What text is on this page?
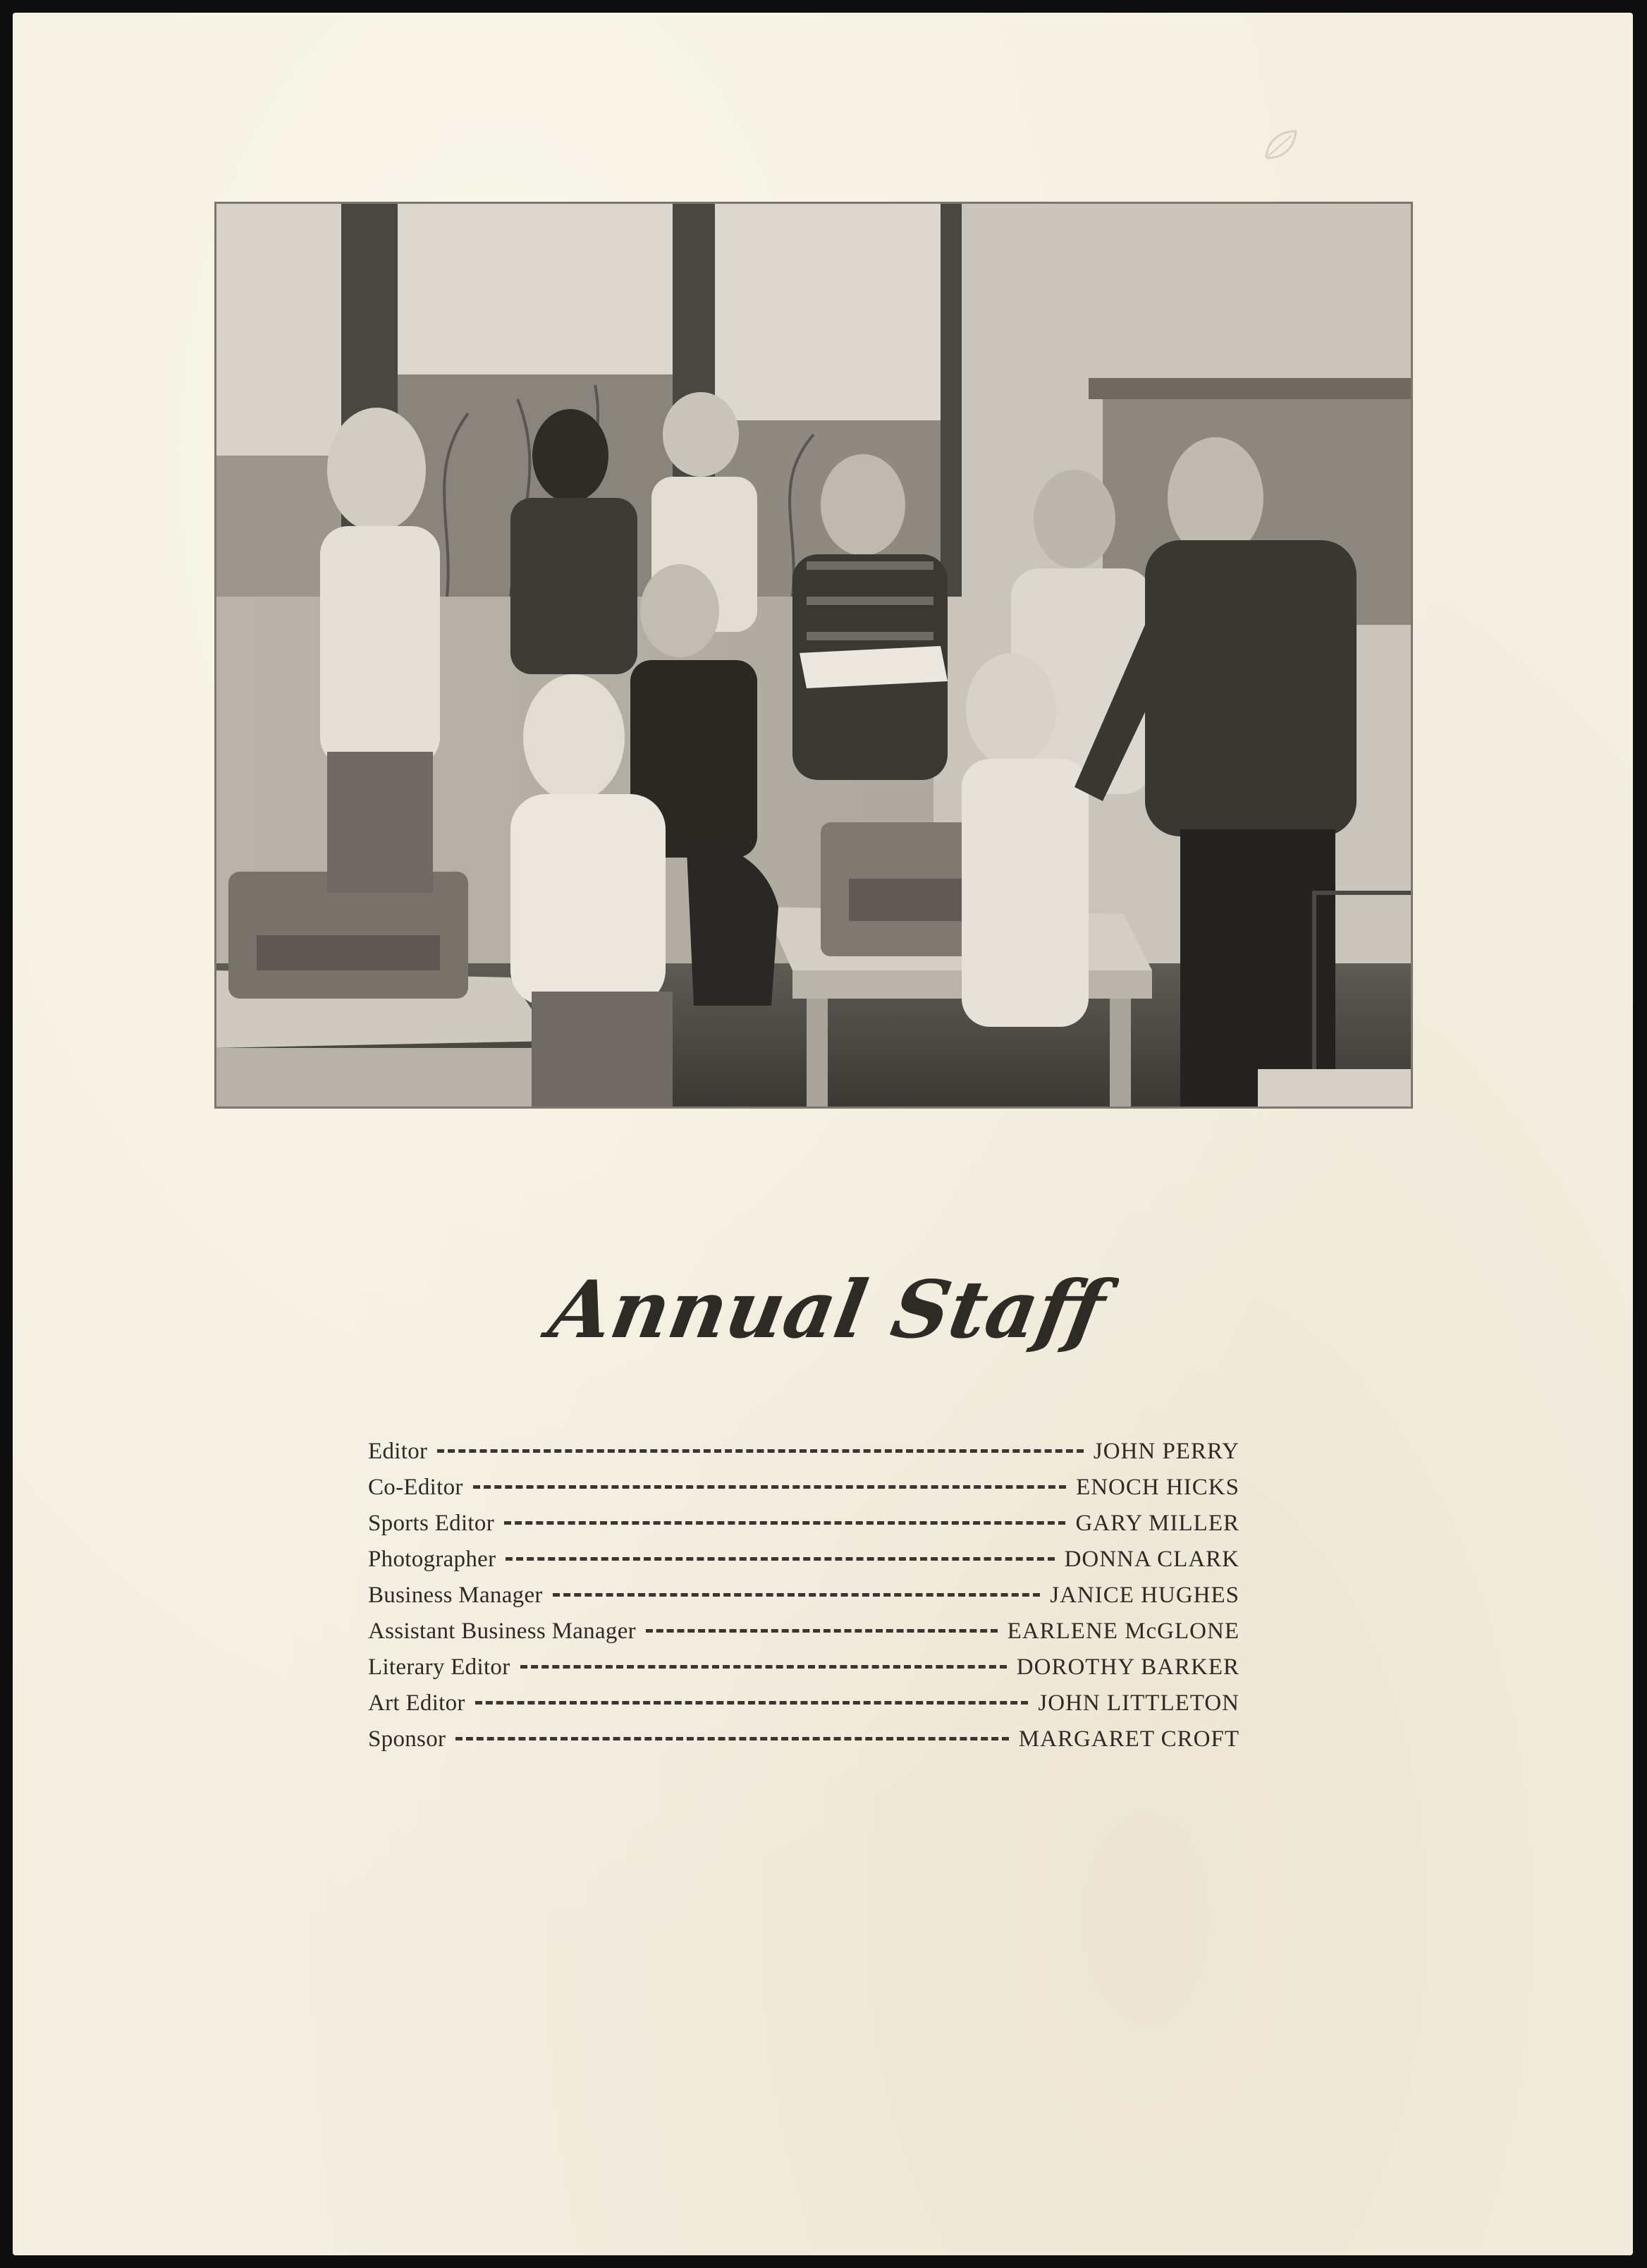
Annual Staff
Editor	JOHN PERRY
Co-Editor	ENOCH HICKS
Sports Editor	GARY MILLER
Photographer	DONNA CLARK
Business Manager	JANICE HUGHES
Assistant Business Manager	EARLENE McGLONE
Literary Editor	DOROTHY BARKER
Art Editor	JOHN LITTLETON
Sponsor	MARGARET CROFT
